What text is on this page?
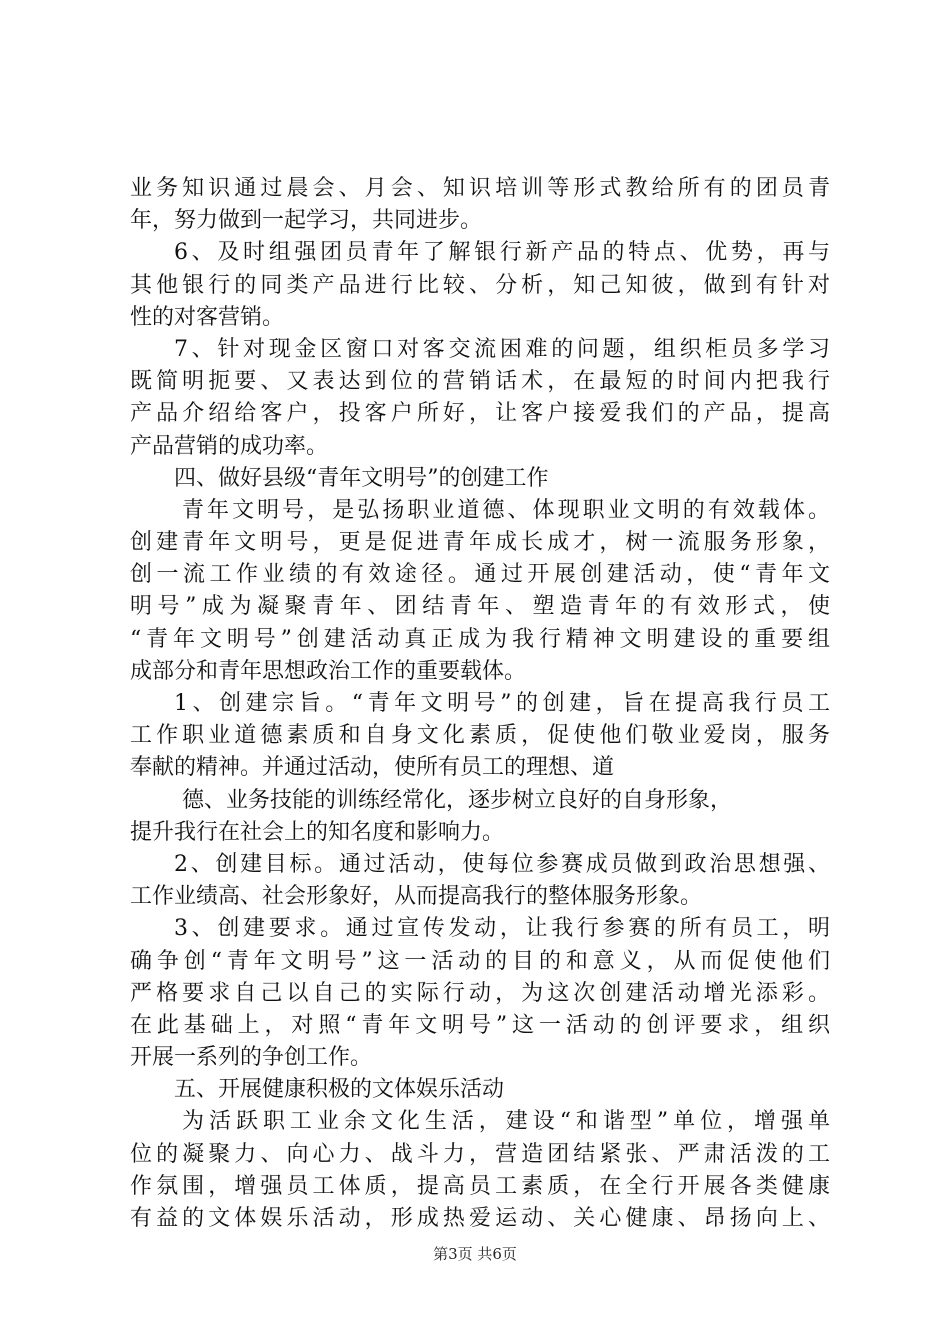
业务知识通过晨会、月会、知识培训等形式教给所有的团员青
年，努力做到一起学习，共同进步。
6、及时组强团员青年了解银行新产品的特点、优势，再与
其他银行的同类产品进行比较、分析，知己知彼，做到有针对
性的对客营销。
7、针对现金区窗口对客交流困难的问题，组织柜员多学习
既简明扼要、又表达到位的营销话术，在最短的时间内把我行
产品介绍给客户，投客户所好，让客户接爱我们的产品，提高
产品营销的成功率。
四、做好县级“青年文明号”的创建工作
青年文明号，是弘扬职业道德、体现职业文明的有效载体。
创建青年文明号，更是促进青年成长成才，树一流服务形象，
创一流工作业绩的有效途径。通过开展创建活动，使“青年文
明号”成为凝聚青年、团结青年、塑造青年的有效形式，使
“青年文明号”创建活动真正成为我行精神文明建设的重要组
成部分和青年思想政治工作的重要载体。
1、创建宗旨。“青年文明号”的创建，旨在提高我行员工
工作职业道德素质和自身文化素质，促使他们敬业爱岗，服务
奉献的精神。并通过活动，使所有员工的理想、道
德、业务技能的训练经常化，逐步树立良好的自身形象，
提升我行在社会上的知名度和影响力。
2、创建目标。通过活动，使每位参赛成员做到政治思想强、
工作业绩高、社会形象好，从而提高我行的整体服务形象。
3、创建要求。通过宣传发动，让我行参赛的所有员工，明
确争创“青年文明号”这一活动的目的和意义，从而促使他们
严格要求自己以自己的实际行动，为这次创建活动增光添彩。
在此基础上，对照“青年文明号”这一活动的创评要求，组织
开展一系列的争创工作。
五、开展健康积极的文体娱乐活动
为活跃职工业余文化生活，建设“和谐型”单位，增强单
位的凝聚力、向心力、战斗力，营造团结紧张、严肃活泼的工
作氛围，增强员工体质，提高员工素质，在全行开展各类健康
有益的文体娱乐活动，形成热爱运动、关心健康、昂扬向上、
第3页 共6页
